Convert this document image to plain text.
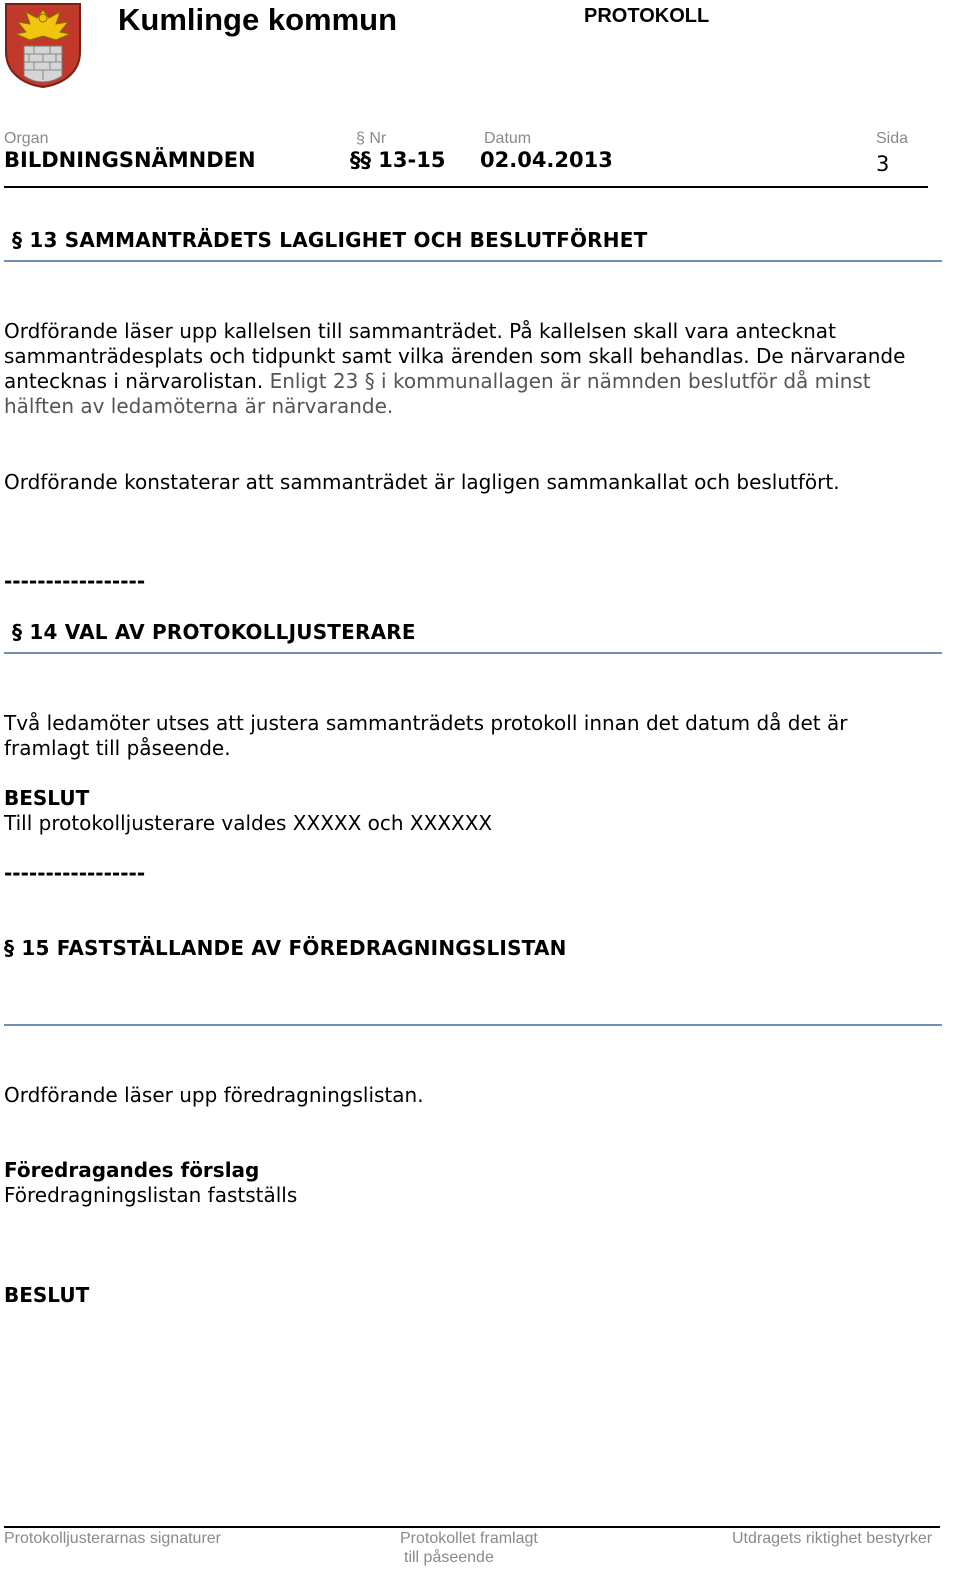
Kumlinge kommun	PROTOKOLL
Organ	§ Nr	Datum	Sida
BILDNINGSNÄMNDEN	§§ 13-15 02.04.2013	3
§ 13 SAMMANTRÄDETS LAGLIGHET OCH BESLUTFÖRHET
Ordförande läser upp kallelsen till sammanträdet. På kallelsen skall vara antecknat sammanträdesplats och tidpunkt samt vilka ärenden som skall behandlas. De närvarande antecknas i närvarolistan. Enligt 23 § i kommunallagen är nämnden beslutför då minst hälften av ledamöterna är närvarande.
Ordförande konstaterar att sammanträdet är lagligen sammankallat och beslutfört.
-----------------
§ 14 VAL AV PROTOKOLLJUSTERARE
Två ledamöter utses att justera sammanträdets protokoll innan det datum då det är framlagt till påseende.
BESLUT
Till protokolljusterare valdes XXXXX och XXXXXX
-----------------
§ 15 FASTSTÄLLANDE AV FÖREDRAGNINGSLISTAN
Ordförande läser upp föredragningslistan.
Föredragandes förslag
Föredragningslistan fastställs
BESLUT
Protokolljusterarnas signaturer	Protokollet framlagt
till påseende
Utdragets riktighet bestyrker
